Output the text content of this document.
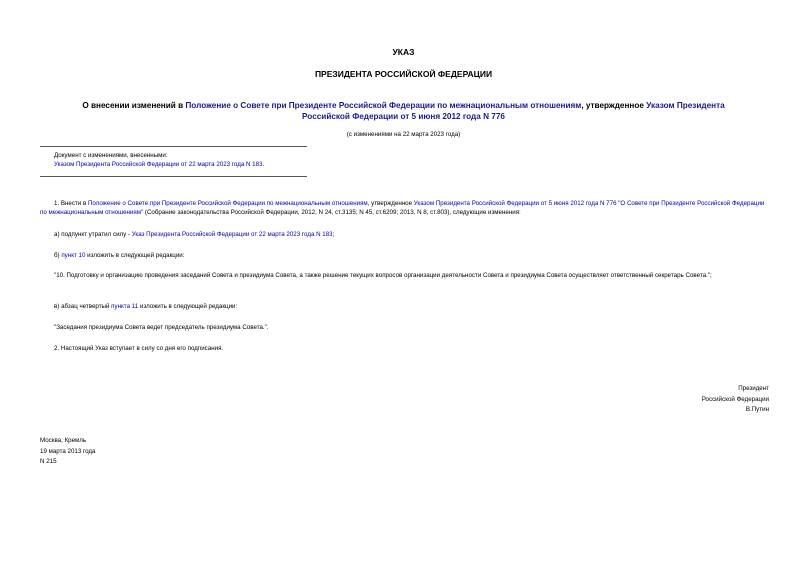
УКАЗ
ПРЕЗИДЕНТА РОССИЙСКОЙ ФЕДЕРАЦИИ
О внесении изменений в Положение о Совете при Президенте Российской Федерации по межнациональным отношениям, утвержденное Указом Президента
Российской Федерации от 5 июня 2012 года N 776
(с изменениями на 22 марта 2023 года)
Документ с изменениями, внесенными:
Указом Президента Российской Федерации от 22 марта 2023 года N 183.
1. Внести в Положение о Совете при Президенте Российской Федерации по межнациональным отношениям, утвержденное Указом Президента Российской Федерации от 5 июня 2012 года N 776 "О Совете при Президенте Российской Федерации по межнациональным отношениям" (Собрание законодательства Российской Федерации, 2012, N 24, ст.3135; N 45, ст.6209; 2013, N 8, ст.803), следующие изменения:
а) подпункт утратил силу - Указ Президента Российской Федерации от 22 марта 2023 года N 183;
б) пункт 10 изложить в следующей редакции:
"10. Подготовку и организацию проведения заседаний Совета и президиума Совета, а также решение текущих вопросов организации деятельности Совета и президиума Совета осуществляет ответственный секретарь Совета.";
в) абзац четвертый пункта 11 изложить в следующей редакции:
"Заседания президиума Совета ведет председатель президиума Совета.".
2. Настоящий Указ вступает в силу со дня его подписания.
Президент
Российской Федерации
В.Путин
Москва, Кремль
19 марта 2013 года
N 215
